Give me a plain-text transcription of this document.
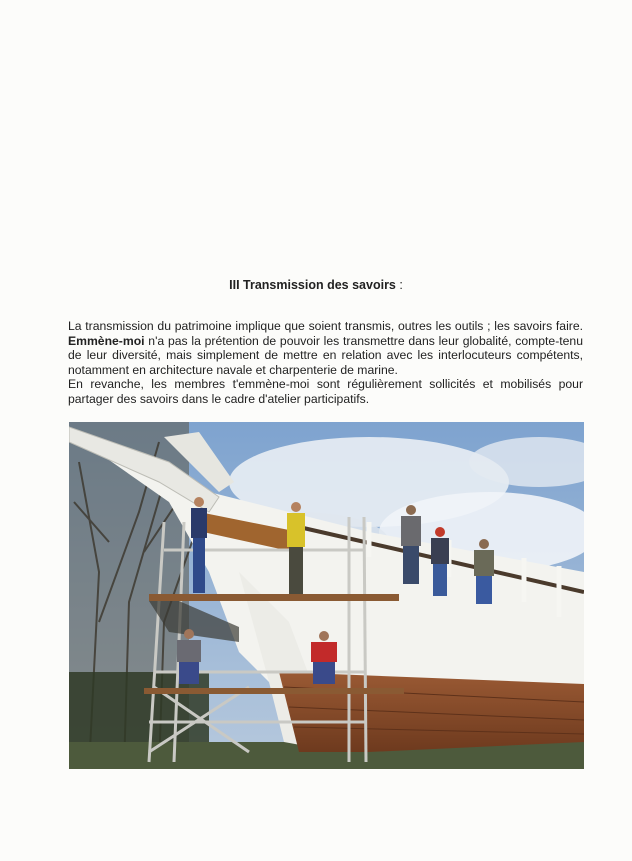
III Transmission des savoirs :

La transmission du patrimoine implique que soient transmis, outres les outils ; les savoirs faire. Emmène-moi n'a pas la prétention de pouvoir les transmettre dans leur globalité, compte-tenu de leur diversité, mais simplement de mettre en relation avec les interlocuteurs compétents, notamment en architecture navale et charpenterie de marine.

En revanche, les membres t'emmène-moi sont régulièrement sollicités et mobilisés pour partager des savoirs dans le cadre d'atelier participatifs.
